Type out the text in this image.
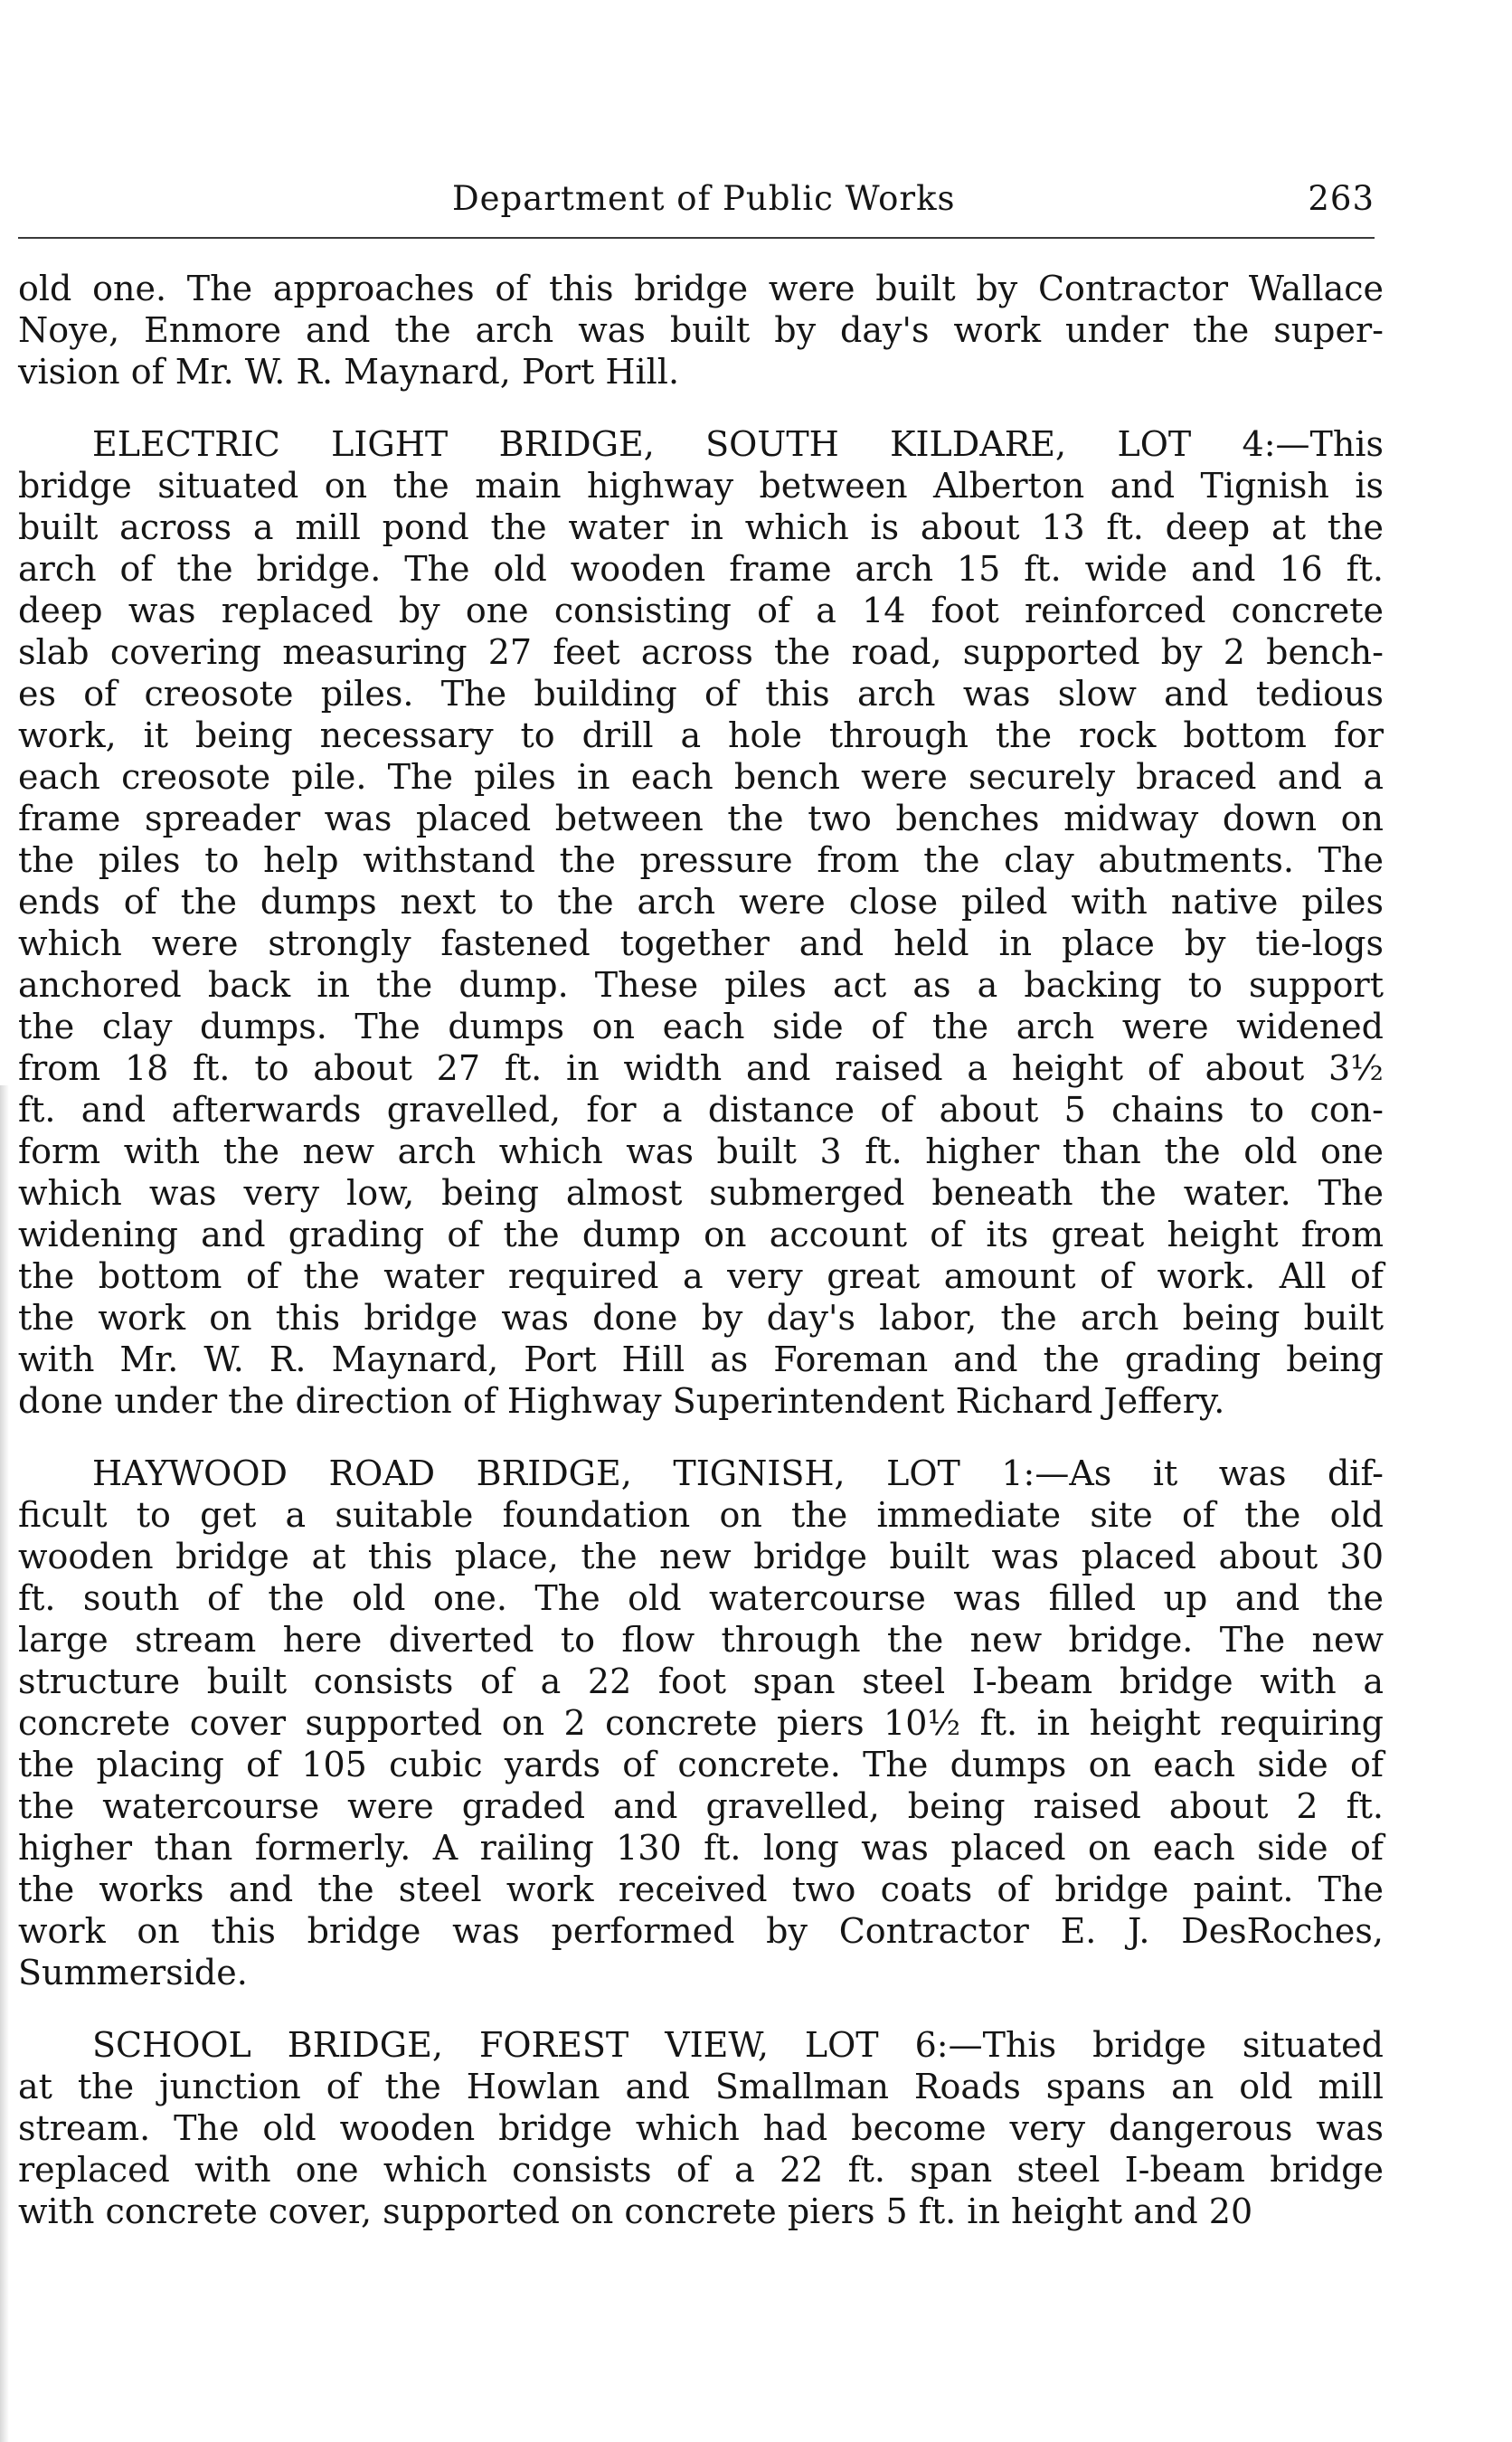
Department of Public Works	263
old one. The approaches of this bridge were built by Contractor Wallace
Noye, Enmore and the arch was built by day's work under the super-
vision of Mr. W. R. Maynard, Port Hill.
ELECTRIC LIGHT BRIDGE, SOUTH KILDARE, LOT 4:—This
bridge situated on the main highway between Alberton and Tignish is
built across a mill pond the water in which is about 13 ft. deep at the
arch of the bridge. The old wooden frame arch 15 ft. wide and 16 ft.
deep was replaced by one consisting of a 14 foot reinforced concrete
slab covering measuring 27 feet across the road, supported by 2 bench-
es of creosote piles. The building of this arch was slow and tedious
work, it being necessary to drill a hole through the rock bottom for
each creosote pile. The piles in each bench were securely braced and a
frame spreader was placed between the two benches midway down on
the piles to help withstand the pressure from the clay abutments. The
ends of the dumps next to the arch were close piled with native piles
which were strongly fastened together and held in place by tie-logs
anchored back in the dump. These piles act as a backing to support
the clay dumps. The dumps on each side of the arch were widened
from 18 ft. to about 27 ft. in width and raised a height of about 3½
ft. and afterwards gravelled, for a distance of about 5 chains to con-
form with the new arch which was built 3 ft. higher than the old one
which was very low, being almost submerged beneath the water. The
widening and grading of the dump on account of its great height from
the bottom of the water required a very great amount of work. All of
the work on this bridge was done by day's labor, the arch being built
with Mr. W. R. Maynard, Port Hill as Foreman and the grading being
done under the direction of Highway Superintendent Richard Jeffery.
HAYWOOD ROAD BRIDGE, TIGNISH, LOT 1:—As it was dif-
ficult to get a suitable foundation on the immediate site of the old
wooden bridge at this place, the new bridge built was placed about 30
ft. south of the old one. The old watercourse was filled up and the
large stream here diverted to flow through the new bridge. The new
structure built consists of a 22 foot span steel I-beam bridge with a
concrete cover supported on 2 concrete piers 10½ ft. in height requiring
the placing of 105 cubic yards of concrete. The dumps on each side of
the watercourse were graded and gravelled, being raised about 2 ft.
higher than formerly. A railing 130 ft. long was placed on each side of
the works and the steel work received two coats of bridge paint. The
work on this bridge was performed by Contractor E. J. DesRoches,
Summerside.
SCHOOL BRIDGE, FOREST VIEW, LOT 6:—This bridge situated
at the junction of the Howlan and Smallman Roads spans an old mill
stream. The old wooden bridge which had become very dangerous was
replaced with one which consists of a 22 ft. span steel I-beam bridge
with concrete cover, supported on concrete piers 5 ft. in height and 20
